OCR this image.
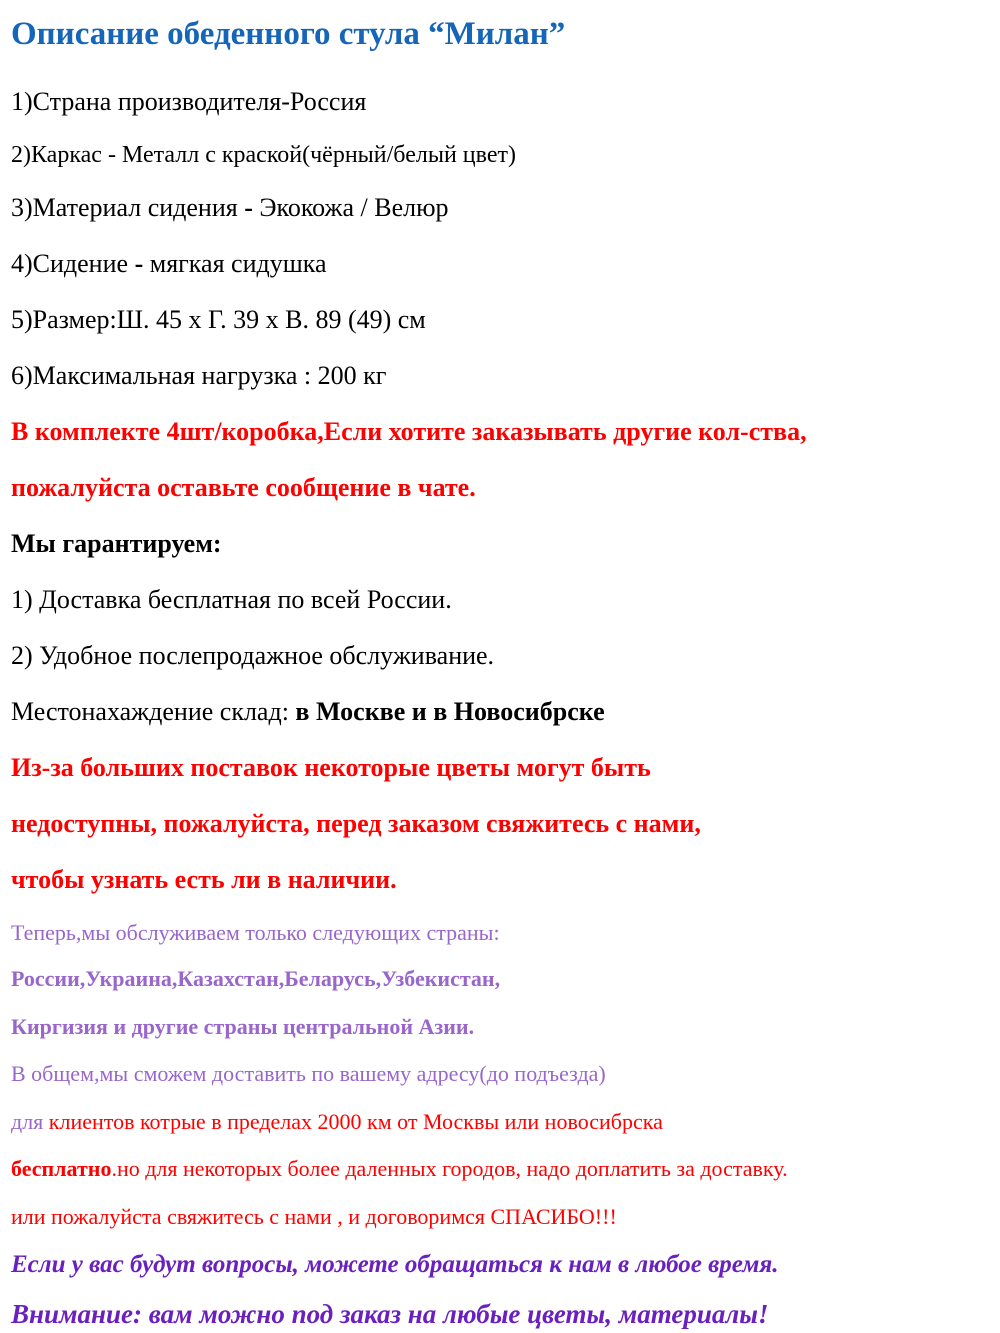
Описание обеденного стула “Милан”

1)Страна производителя-Россия

2)Каркас - Металл с краской(чёрный/белый цвет)

3)Материал сидения - Экокожа / Велюр

4)Сидение - мягкая сидушка

5)Размер:Ш. 45 х Г. 39 х В. 89 (49) см

6)Максимальная нагрузка : 200 кг

В комплекте 4шт/коробка,Если хотите заказывать другие кол-ства,

пожалуйста оставьте сообщение в чате.

Мы гарантируем:

1) Доставка бесплатная по всей России.

2) Удобное послепродажное обслуживание.

Местонахаждение склад: в Москве и в Новосибрске

Из-за больших поставок некоторые цветы могут быть

недоступны, пожалуйста, перед заказом свяжитесь с нами,

чтобы узнать есть ли в наличии.

Теперь,мы обслуживаем только следующих страны:

России,Украина,Казахстан,Беларусь,Узбекистан,

Киргизия и другие страны центральной Азии.

В общем,мы сможем доставить по вашему адресу(до подъезда)

для клиентов котрые в пределах 2000 км от Москвы или новосибрска

бесплатно.но для некоторых более даленных городов, надо доплатить за доставку.

или пожалуйста свяжитесь с нами , и договоримся СПАСИБО!!!

Если у вас будут вопросы, можете обращаться к нам в любое время.

Внимание: вам можно под заказ на любые цветы, материалы!
